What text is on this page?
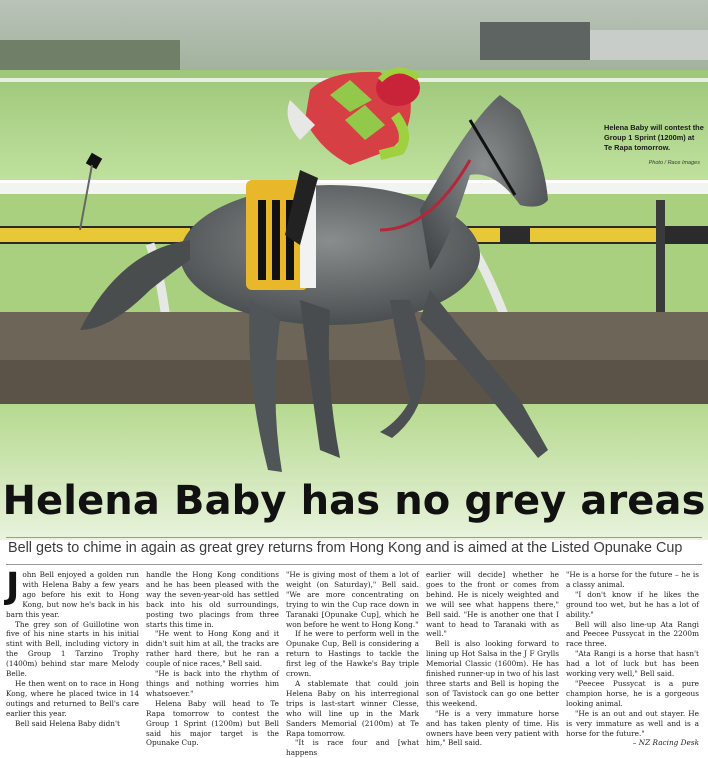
Helena Baby will contest the Group 1 Sprint (1200m) at Te Rapa tomorrow.
Photo / Race Images
Helena Baby has no grey areas
Bell gets to chime in again as great grey returns from Hong Kong and is aimed at the Listed Opunake Cup
J ohn Bell enjoyed a golden run with Helena Baby a few years ago before his exit to Hong Kong, but now he's back in his barn this year.

The grey son of Guillotine won five of his nine starts in his initial stint with Bell, including victory in the Group 1 Tarzino Trophy (1400m) behind star mare Melody Belle.

He then went on to race in Hong Kong, where he placed twice in 14 outings and returned to Bell's care earlier this year.

Bell said Helena Baby didn't

handle the Hong Kong conditions and he has been pleased with the way the seven-year-old has settled back into his old surroundings, posting two placings from three starts this time in.

"He went to Hong Kong and it didn't suit him at all, the tracks are rather hard there, but he ran a couple of nice races," Bell said.

"He is back into the rhythm of things and nothing worries him whatsoever."

Helena Baby will head to Te Rapa tomorrow to contest the Group 1 Sprint (1200m) but Bell said his major target is the Opunake Cup.

"He is giving most of them a lot of weight (on Saturday)," Bell said. "We are more concentrating on trying to win the Cup race down in Taranaki [Opunake Cup], which he won before he went to Hong Kong."

If he were to perform well in the Opunake Cup, Bell is considering a return to Hastings to tackle the first leg of the Hawke's Bay triple crown.

A stablemate that could join Helena Baby on his interregional trips is last-start winner Clesse, who will line up in the Mark Sanders Memorial (2100m) at Te Rapa tomorrow.

"It is race four and [what happens

earlier will decide] whether he goes to the front or comes from behind. He is nicely weighted and we will see what happens there," Bell said. "He is another one that I want to head to Taranaki with as well."

Bell is also looking forward to lining up Hot Salsa in the J F Grylls Memorial Classic (1600m). He has finished runner-up in two of his last three starts and Bell is hoping the son of Tavistock can go one better this weekend.

"He is a very immature horse and has taken plenty of time. His owners have been very patient with him," Bell said.

"He is a horse for the future – he is a classy animal.

"I don't know if he likes the ground too wet, but he has a lot of ability."

Bell will also line-up Ata Rangi and Peecee Pussycat in the 2200m race three.

"Ata Rangi is a horse that hasn't had a lot of luck but has been working very well," Bell said.

"Peecee Pussycat is a pure champion horse, he is a gorgeous looking animal.

"He is an out and out stayer. He is very immature as well and is a horse for the future."

– NZ Racing Desk
